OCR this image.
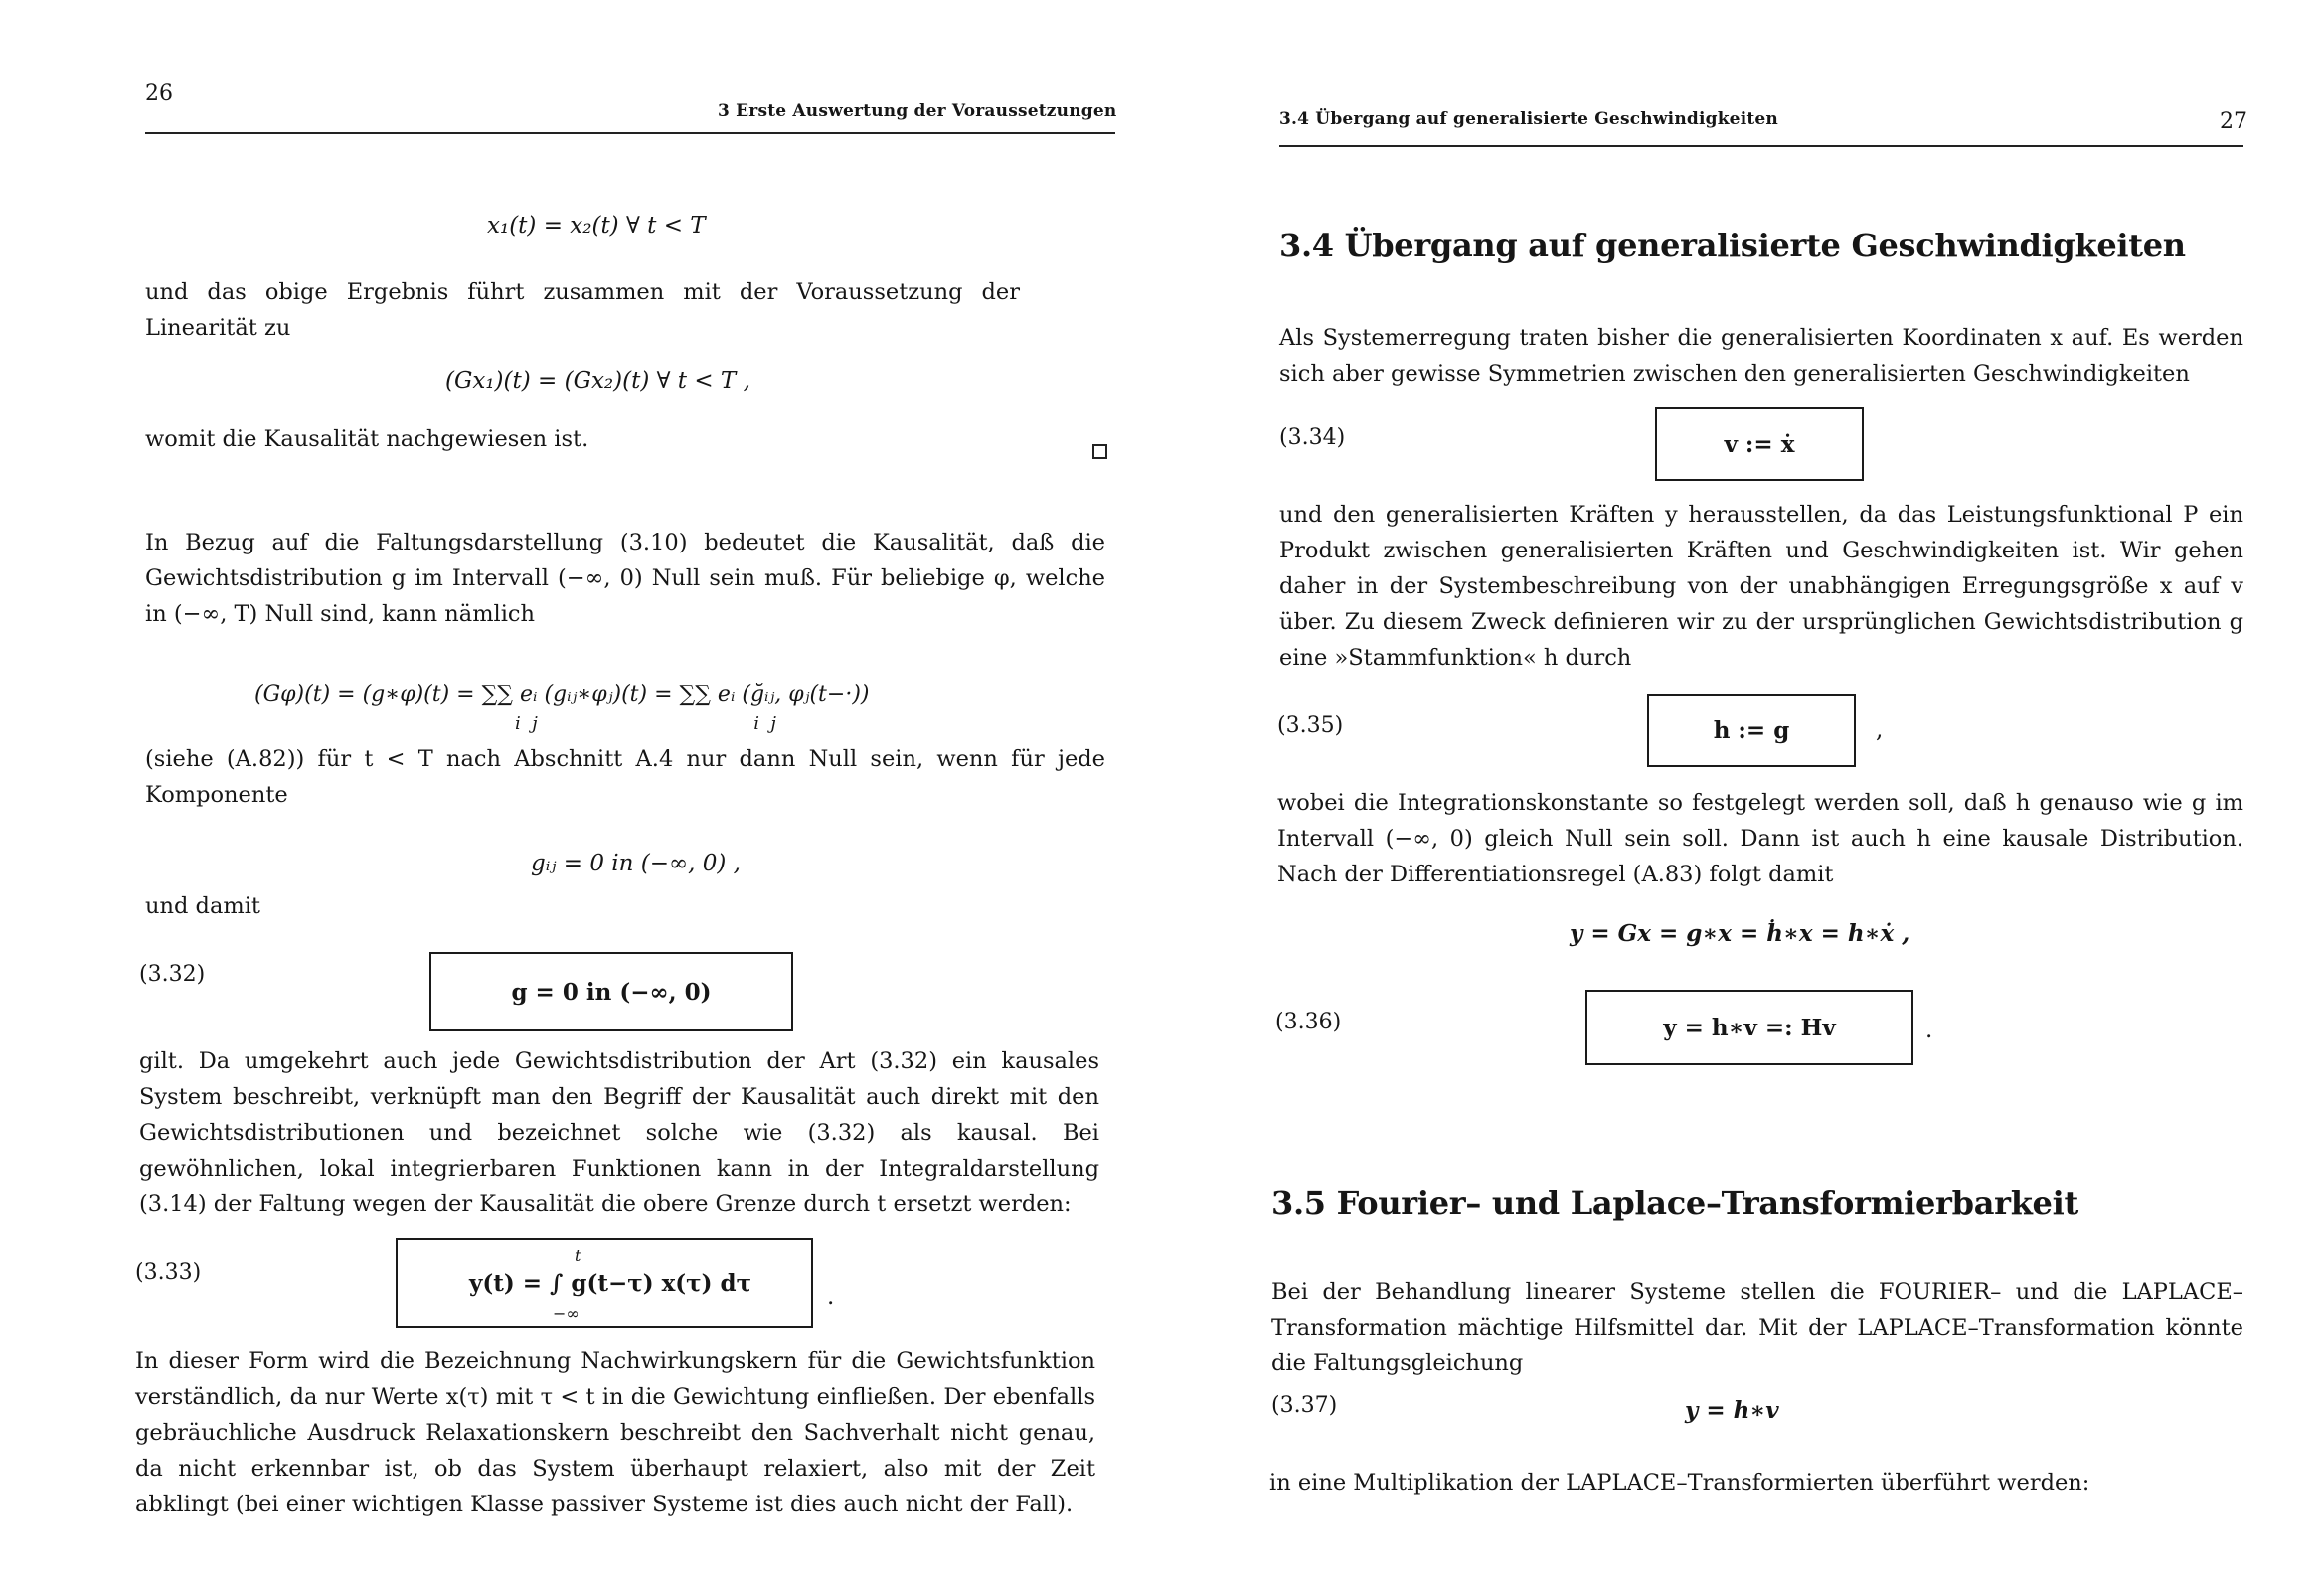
26
3 Erste Auswertung der Voraussetzungen
x₁(t) = x₂(t) ∀ t < T

und das obige Ergebnis führt zusammen mit der Voraussetzung der Linearität zu

(Gx₁)(t) = (Gx₂)(t) ∀ t < T ,

womit die Kausalität nachgewiesen ist.

In Bezug auf die Faltungsdarstellung (3.10) bedeutet die Kausalität, daß die Gewichtsdistribution g im Intervall (−∞, 0) Null sein muß. Für beliebige φ, welche in (−∞, T) Null sind, kann nämlich

(Gφ)(t) = (g∗φ)(t) = ∑∑ eᵢ (gᵢⱼ∗φⱼ)(t) = ∑∑ eᵢ (ğᵢⱼ, φⱼ(t−·))
i  j                                      i  j

(siehe (A.82)) für t < T nach Abschnitt A.4 nur dann Null sein, wenn für jede Komponente

gᵢⱼ = 0 in (−∞, 0) ,

und damit

(3.32)
g = 0 in (−∞, 0)

gilt. Da umgekehrt auch jede Gewichtsdistribution der Art (3.32) ein kausales System beschreibt, verknüpft man den Begriff der Kausalität auch direkt mit den Gewichtsdistributionen und bezeichnet solche wie (3.32) als kausal. Bei gewöhnlichen, lokal integrierbaren Funktionen kann in der Integraldarstellung (3.14) der Faltung wegen der Kausalität die obere Grenze durch t ersetzt werden:

(3.33)	y(t) = ∫ g(t−τ) x(τ) dτ
t
−∞
.

In dieser Form wird die Bezeichnung Nachwirkungskern für die Gewichtsfunktion verständlich, da nur Werte x(τ) mit τ < t in die Gewichtung einfließen. Der ebenfalls gebräuchliche Ausdruck Relaxationskern beschreibt den Sachverhalt nicht genau, da nicht erkennbar ist, ob das System überhaupt relaxiert, also mit der Zeit abklingt (bei einer wichtigen Klasse passiver Systeme ist dies auch nicht der Fall).

3.4 Übergang auf generalisierte Geschwindigkeiten	27
3.4 Übergang auf generalisierte Geschwindigkeiten

Als Systemerregung traten bisher die generalisierten Koordinaten x auf. Es werden sich aber gewisse Symmetrien zwischen den generalisierten Geschwindigkeiten

(3.34)	v := ẋ

und den generalisierten Kräften y herausstellen, da das Leistungsfunktional P ein Produkt zwischen generalisierten Kräften und Geschwindigkeiten ist. Wir gehen daher in der Systembeschreibung von der unabhängigen Erregungsgröße x auf v über. Zu diesem Zweck definieren wir zu der ursprünglichen Gewichtsdistribution g eine »Stammfunktion« h durch

(3.35)	h := g	,

wobei die Integrationskonstante so festgelegt werden soll, daß h genauso wie g im Intervall (−∞, 0) gleich Null sein soll. Dann ist auch h eine kausale Distribution. Nach der Differentiationsregel (A.83) folgt damit

y = Gx = g∗x = ḣ∗x = h∗ẋ ,
(3.36)	y = h∗v =: Hv	.
3.5 Fourier– und Laplace–Transformierbarkeit

Bei der Behandlung linearer Systeme stellen die FOURIER– und die LAPLACE–Transformation mächtige Hilfsmittel dar. Mit der LAPLACE–Transformation könnte die Faltungsgleichung

(3.37)	y = h∗v

in eine Multiplikation der LAPLACE–Transformierten überführt werden:
